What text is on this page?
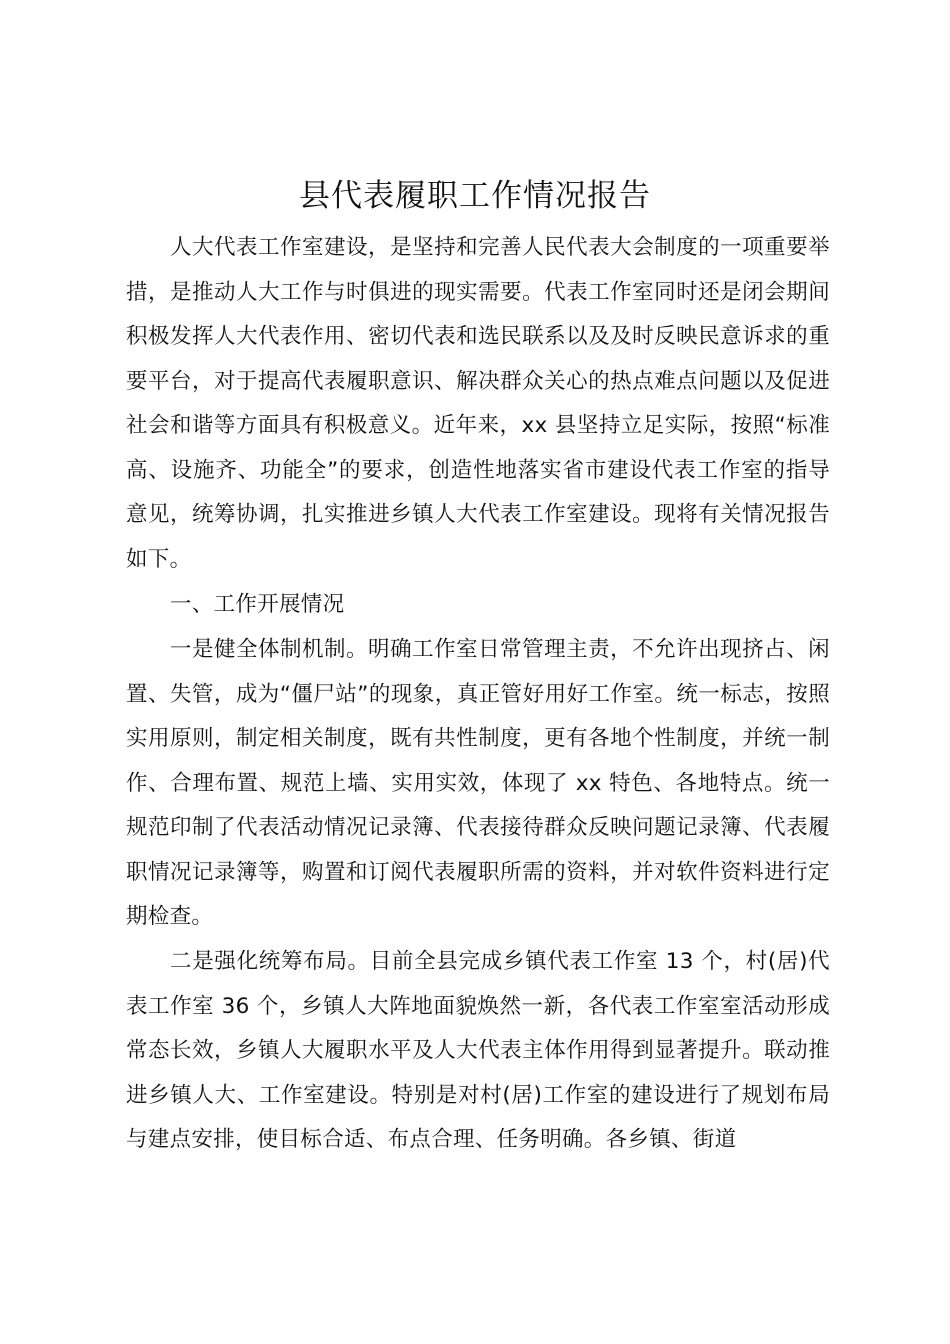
县代表履职工作情况报告

人大代表工作室建设，是坚持和完善人民代表大会制度的一项重要举措，是推动人大工作与时俱进的现实需要。代表工作室同时还是闭会期间积极发挥人大代表作用、密切代表和选民联系以及及时反映民意诉求的重要平台，对于提高代表履职意识、解决群众关心的热点难点问题以及促进社会和谐等方面具有积极意义。近年来，xx 县坚持立足实际，按照“标准高、设施齐、功能全”的要求，创造性地落实省市建设代表工作室的指导意见，统筹协调，扎实推进乡镇人大代表工作室建设。现将有关情况报告如下。

一、工作开展情况

一是健全体制机制。明确工作室日常管理主责，不允许出现挤占、闲置、失管，成为“僵尸站”的现象，真正管好用好工作室。统一标志，按照实用原则，制定相关制度，既有共性制度，更有各地个性制度，并统一制作、合理布置、规范上墙、实用实效，体现了 xx 特色、各地特点。统一规范印制了代表活动情况记录簿、代表接待群众反映问题记录簿、代表履职情况记录簿等，购置和订阅代表履职所需的资料，并对软件资料进行定期检查。

二是强化统筹布局。目前全县完成乡镇代表工作室 13 个，村(居)代表工作室 36 个，乡镇人大阵地面貌焕然一新，各代表工作室室活动形成常态长效，乡镇人大履职水平及人大代表主体作用得到显著提升。联动推进乡镇人大、工作室建设。特别是对村(居)工作室的建设进行了规划布局与建点安排，使目标合适、布点合理、任务明确。各乡镇、街道
